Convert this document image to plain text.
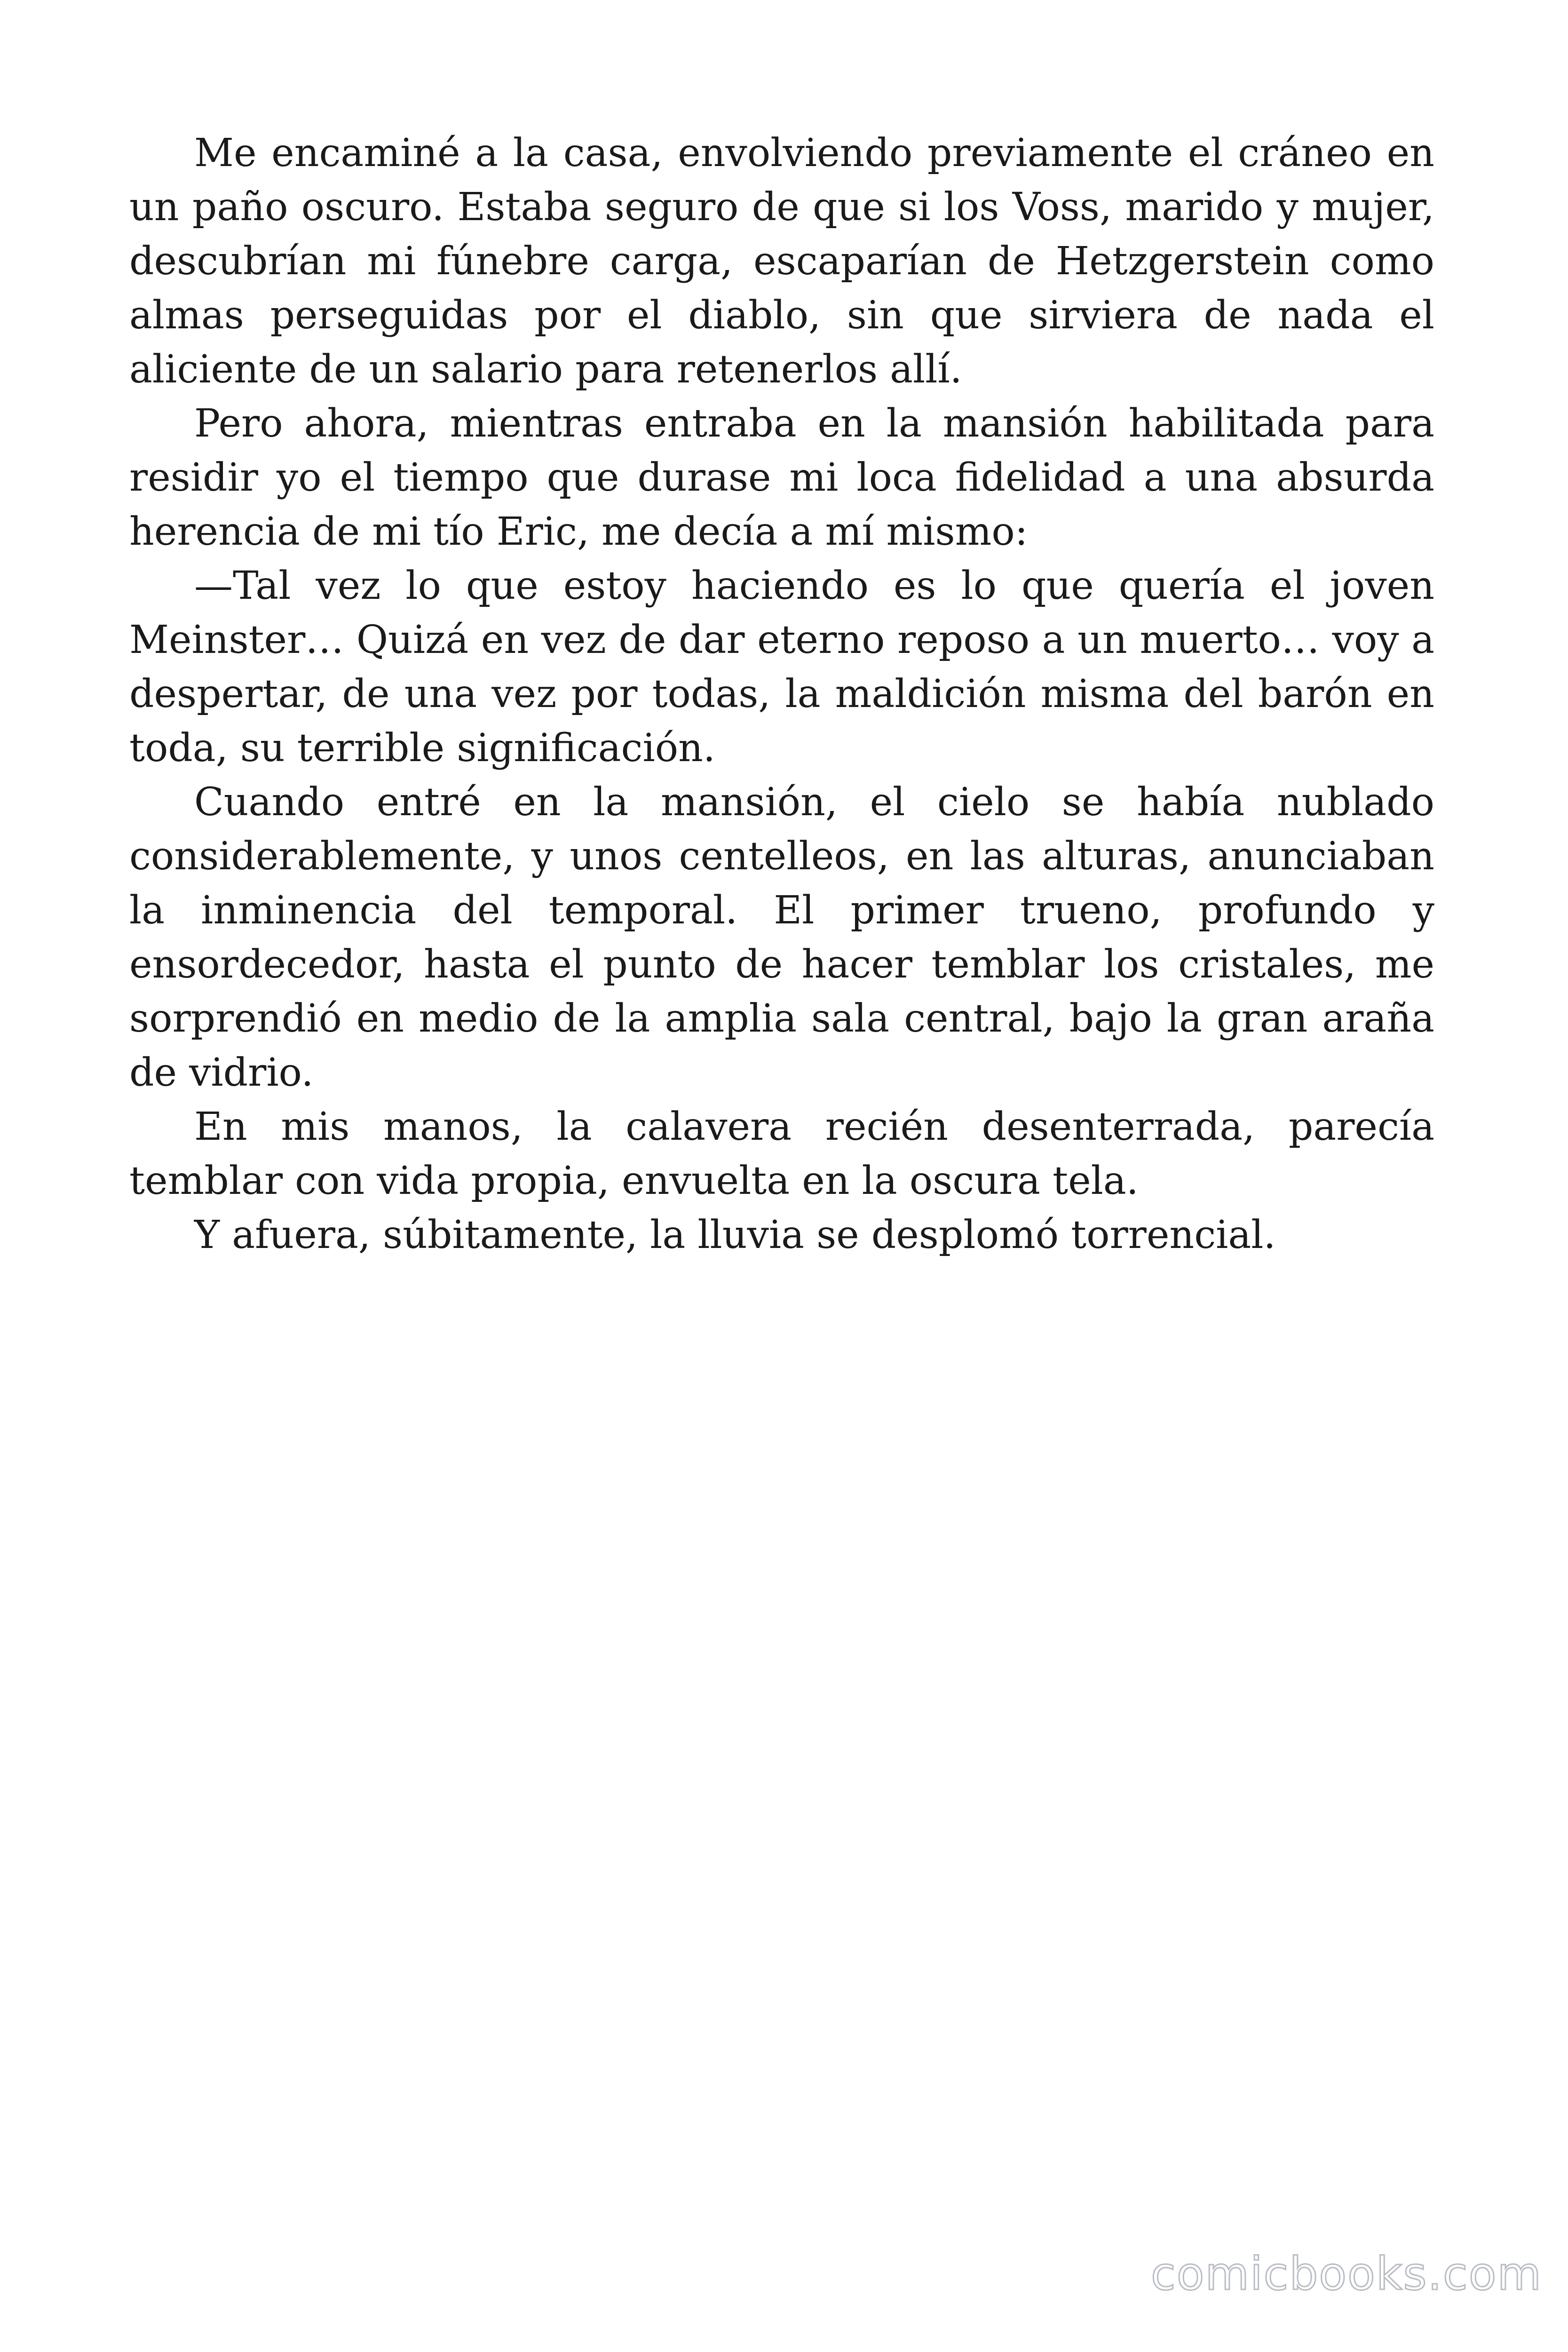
Me encaminé a la casa, envolviendo previamente el cráneo en un paño oscuro. Estaba seguro de que si los Voss, marido y mujer, descubrían mi fúnebre carga, escaparían de Hetzgerstein como almas perseguidas por el diablo, sin que sirviera de nada el aliciente de un salario para retenerlos allí.

Pero ahora, mientras entraba en la mansión habilitada para residir yo el tiempo que durase mi loca fidelidad a una absurda herencia de mi tío Eric, me decía a mí mismo:

—Tal vez lo que estoy haciendo es lo que quería el joven Meinster… Quizá en vez de dar eterno reposo a un muerto… voy a despertar, de una vez por todas, la maldición misma del barón en toda, su terrible significación.

Cuando entré en la mansión, el cielo se había nublado considerablemente, y unos centelleos, en las alturas, anunciaban la inminencia del temporal. El primer trueno, profundo y ensordecedor, hasta el punto de hacer temblar los cristales, me sorprendió en medio de la amplia sala central, bajo la gran araña de vidrio.

En mis manos, la calavera recién desenterrada, parecía temblar con vida propia, envuelta en la oscura tela.

Y afuera, súbitamente, la lluvia se desplomó torrencial.

comicbooks.com
